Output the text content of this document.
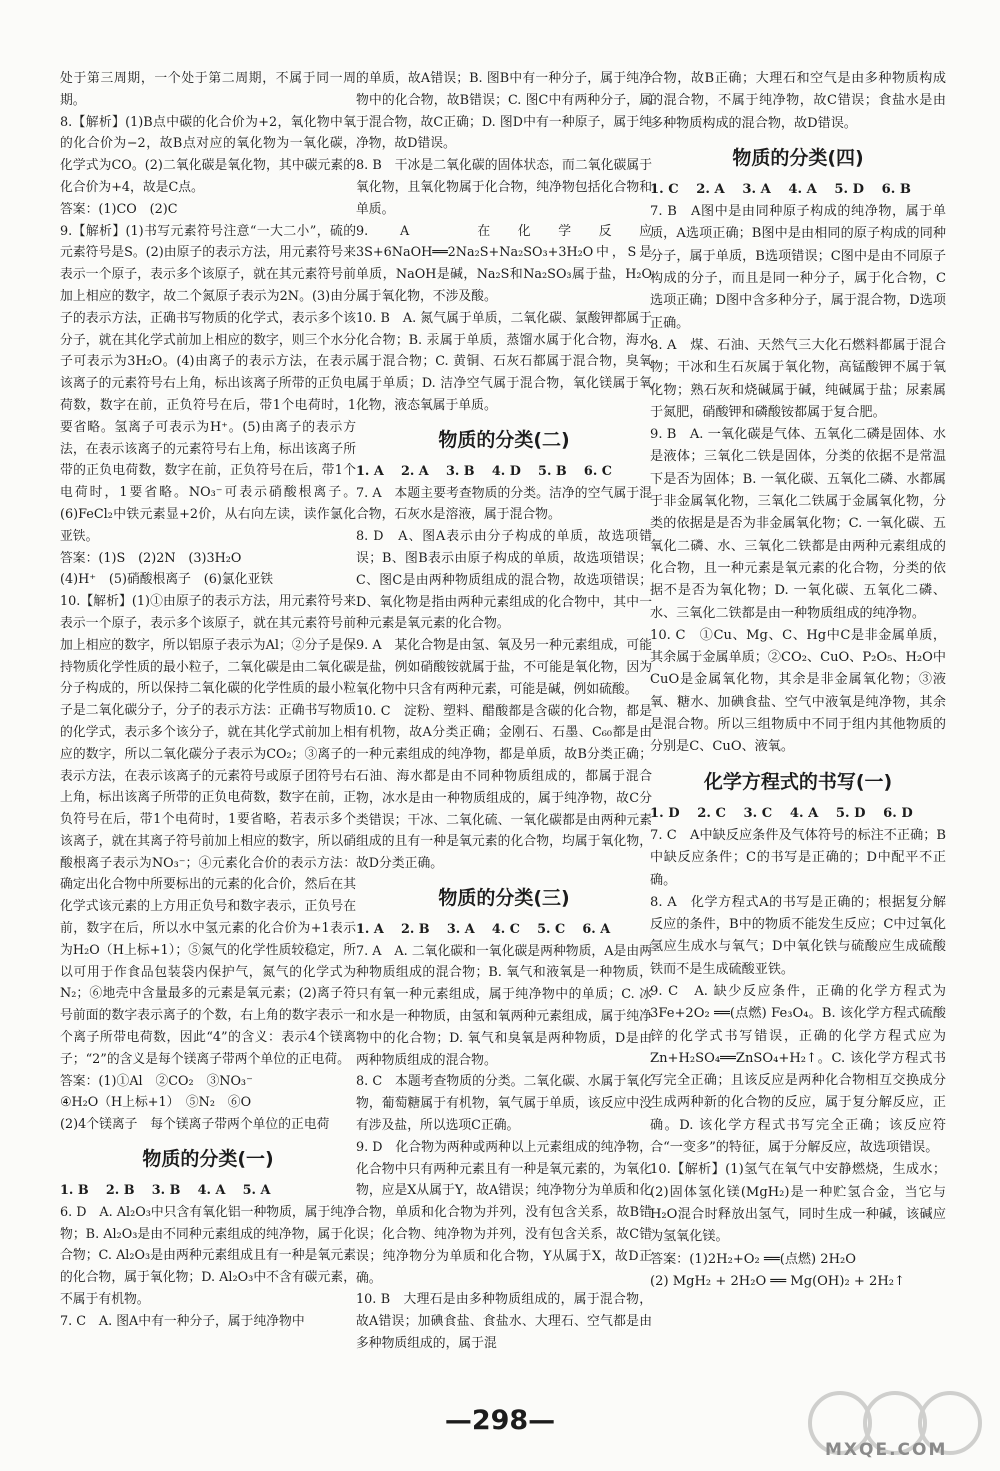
处于第三周期，一个处于第二周期，不属于同一周期。

8.【解析】(1)B点中碳的化合价为+2，氧化物中氧的化合价为−2，故B点对应的氧化物为一氧化碳，化学式为CO。(2)二氧化碳是氧化物，其中碳元素的化合价为+4，故是C点。

答案：(1)CO　(2)C

9.【解析】(1)书写元素符号注意“一大二小”，硫的元素符号是S。(2)由原子的表示方法，用元素符号来表示一个原子，表示多个该原子，就在其元素符号前加上相应的数字，故二个氮原子表示为2N。(3)由分子的表示方法，正确书写物质的化学式，表示多个该分子，就在其化学式前加上相应的数字，则三个水分子可表示为3H₂O。(4)由离子的表示方法，在表示该离子的元素符号右上角，标出该离子所带的正负电荷数，数字在前，正负符号在后，带1个电荷时，1要省略。氢离子可表示为H⁺。(5)由离子的表示方法，在表示该离子的元素符号右上角，标出该离子所带的正负电荷数，数字在前，正负符号在后，带1个电荷时，1要省略。NO₃⁻可表示硝酸根离子。(6)FeCl₂中铁元素显+2价，从右向左读，读作氯化亚铁。

答案：(1)S　(2)2N　(3)3H₂O

(4)H⁺　(5)硝酸根离子　(6)氯化亚铁

10.【解析】(1)①由原子的表示方法，用元素符号来表示一个原子，表示多个该原子，就在其元素符号前加上相应的数字，所以铝原子表示为Al；②分子是保持物质化学性质的最小粒子，二氧化碳是由二氧化碳分子构成的，所以保持二氧化碳的化学性质的最小粒子是二氧化碳分子，分子的表示方法：正确书写物质的化学式，表示多个该分子，就在其化学式前加上相应的数字，所以二氧化碳分子表示为CO₂；③离子的表示方法，在表示该离子的元素符号或原子团符号右上角，标出该离子所带的正负电荷数，数字在前，正负符号在后，带1个电荷时，1要省略，若表示多个该离子，就在其离子符号前加上相应的数字，所以硝酸根离子表示为NO₃⁻；④元素化合价的表示方法：确定出化合物中所要标出的元素的化合价，然后在其化学式该元素的上方用正负号和数字表示，正负号在前，数字在后，所以水中氢元素的化合价为+1表示为H₂O（H上标+1）；⑤氮气的化学性质较稳定，所以可用于作食品包装袋内保护气，氮气的化学式为N₂；⑥地壳中含量最多的元素是氧元素；(2)离子符号前面的数字表示离子的个数，右上角的数字表示一个离子所带电荷数，因此“4”的含义：表示4个镁离子；“2”的含义是每个镁离子带两个单位的正电荷。

答案：(1)①Al　②CO₂　③NO₃⁻

④H₂O（H上标+1）　⑤N₂　⑥O

(2)4个镁离子　每个镁离子带两个单位的正电荷

物质的分类(一)

1. B　 2. B　 3. B　 4. A　 5. A

6. D　A. Al₂O₃中只含有氧化铝一种物质，属于纯净物；B. Al₂O₃是由不同种元素组成的纯净物，属于化合物；C. Al₂O₃是由两种元素组成且有一种是氧元素的化合物，属于氧化物；D. Al₂O₃中不含有碳元素，不属于有机物。

7. C　A. 图A中有一种分子，属于纯净物中

的单质，故A错误；B. 图B中有一种分子，属于纯净物中的化合物，故B错误；C. 图C中有两种分子，属于混合物，故C正确；D. 图D中有一种原子，属于纯净物，故D错误。

8. B　干冰是二氧化碳的固体状态，而二氧化碳属于氧化物，且氧化物属于化合物，纯净物包括化合物和单质。

9. A　在化学反应3S+6NaOH══2Na₂S+Na₂SO₃+3H₂O中，S是单质，NaOH是碱，Na₂S和Na₂SO₃属于盐，H₂O属于氧化物，不涉及酸。

10. B　A. 氮气属于单质，二氧化碳、氯酸钾都属于化合物；B. 汞属于单质，蒸馏水属于化合物，海水属于混合物；C. 黄铜、石灰石都属于混合物，臭氧属于单质；D. 洁净空气属于混合物，氧化镁属于氧化物，液态氧属于单质。

物质的分类(二)

1. A　 2. A　 3. B　 4. D　 5. B　 6. C

7. A　本题主要考查物质的分类。洁净的空气属于混合物，石灰水是溶液，属于混合物。

8. D　A、图A表示由分子构成的单质，故选项错误；B、图B表示由原子构成的单质，故选项错误；C、图C是由两种物质组成的混合物，故选项错误；D、氧化物是指由两种元素组成的化合物中，其中一种元素是氧元素的化合物。

9. A　某化合物是由氢、氧及另一种元素组成，可能是盐，例如硝酸铵就属于盐，不可能是氧化物，因为氧化物中只含有两种元素，可能是碱，例如硫酸。

10. C　淀粉、塑料、醋酸都是含碳的化合物，都是有机物，故A分类正确；金刚石、石墨、C₆₀都是由一种元素组成的纯净物，都是单质，故B分类正确；石油、海水都是由不同种物质组成的，都属于混合物，冰水是由一种物质组成的，属于纯净物，故C分类错误；干冰、二氧化硫、一氧化碳都是由两种元素组成的且有一种是氧元素的化合物，均属于氧化物，故D分类正确。

物质的分类(三)

1. A　 2. B　 3. A　 4. C　 5. C　 6. A

7. A　A. 二氧化碳和一氧化碳是两种物质，A是由两种物质组成的混合物；B. 氧气和液氧是一种物质，只有氧一种元素组成，属于纯净物中的单质；C. 冰和水是一种物质，由氢和氧两种元素组成，属于纯净物中的化合物；D. 氧气和臭氧是两种物质，D是由两种物质组成的混合物。

8. C　本题考查物质的分类。二氧化碳、水属于氧化物，葡萄糖属于有机物，氧气属于单质，该反应中没有涉及盐，所以选项C正确。

9. D　化合物为两种或两种以上元素组成的纯净物，化合物中只有两种元素且有一种是氧元素的，为氧化物，应是X从属于Y，故A错误；纯净物分为单质和化合物，单质和化合物为并列，没有包含关系，故B错误；化合物、纯净物为并列，没有包含关系，故C错误；纯净物分为单质和化合物，Y从属于X，故D正确。

10. B　大理石是由多种物质组成的，属于混合物，故A错误；加碘食盐、食盐水、大理石、空气都是由多种物质组成的，属于混

合物，故B正确；大理石和空气是由多种物质构成的混合物，不属于纯净物，故C错误；食盐水是由多种物质构成的混合物，故D错误。

物质的分类(四)

1. C　 2. A　 3. A　 4. A　 5. D　 6. B

7. B　A图中是由同种原子构成的纯净物，属于单质，A选项正确；B图中是由相同的原子构成的同种分子，属于单质，B选项错误；C图中是由不同原子构成的分子，而且是同一种分子，属于化合物，C选项正确；D图中含多种分子，属于混合物，D选项正确。

8. A　煤、石油、天然气三大化石燃料都属于混合物；干冰和生石灰属于氧化物，高锰酸钾不属于氧化物；熟石灰和烧碱属于碱，纯碱属于盐；尿素属于氮肥，硝酸钾和磷酸铵都属于复合肥。

9. B　A. 一氧化碳是气体、五氧化二磷是固体、水是液体；三氧化二铁是固体，分类的依据不是常温下是否为固体；B. 一氧化碳、五氧化二磷、水都属于非金属氧化物，三氧化二铁属于金属氧化物，分类的依据是是否为非金属氧化物；C. 一氧化碳、五氧化二磷、水、三氧化二铁都是由两种元素组成的化合物，且一种元素是氧元素的化合物，分类的依据不是否为氧化物；D. 一氧化碳、五氧化二磷、水、三氧化二铁都是由一种物质组成的纯净物。

10. C　①Cu、Mg、C、Hg中C是非金属单质，其余属于金属单质；②CO₂、CuO、P₂O₅、H₂O中CuO是金属氧化物，其余是非金属氧化物；③液氧、糖水、加碘食盐、空气中液氧是纯净物，其余是混合物。所以三组物质中不同于组内其他物质的分别是C、CuO、液氧。

化学方程式的书写(一)

1. D　 2. C　 3. C　 4. A　 5. D　 6. D

7. C　A中缺反应条件及气体符号的标注不正确；B中缺反应条件；C的书写是正确的；D中配平不正确。

8. A　化学方程式A的书写是正确的；根据复分解反应的条件，B中的物质不能发生反应；C中过氧化氢应生成水与氧气；D中氧化铁与硫酸应生成硫酸铁而不是生成硫酸亚铁。

9. C　A. 缺少反应条件，正确的化学方程式为3Fe+2O₂ ══(点燃) Fe₃O₄。B. 该化学方程式硫酸锌的化学式书写错误，正确的化学方程式应为Zn+H₂SO₄══ZnSO₄+H₂↑。C. 该化学方程式书写完全正确；且该反应是两种化合物相互交换成分生成两种新的化合物的反应，属于复分解反应，正确。D. 该化学方程式书写完全正确；该反应符合“一变多”的特征，属于分解反应，故选项错误。

10.【解析】(1)氢气在氧气中安静燃烧，生成水；(2)固体氢化镁(MgH₂)是一种贮氢合金，当它与H₂O混合时释放出氢气，同时生成一种碱，该碱应为氢氧化镁。

答案：(1)2H₂+O₂ ══(点燃) 2H₂O

(2) MgH₂ + 2H₂O ══ Mg(OH)₂ + 2H₂↑

—298—
MXQE.COM
